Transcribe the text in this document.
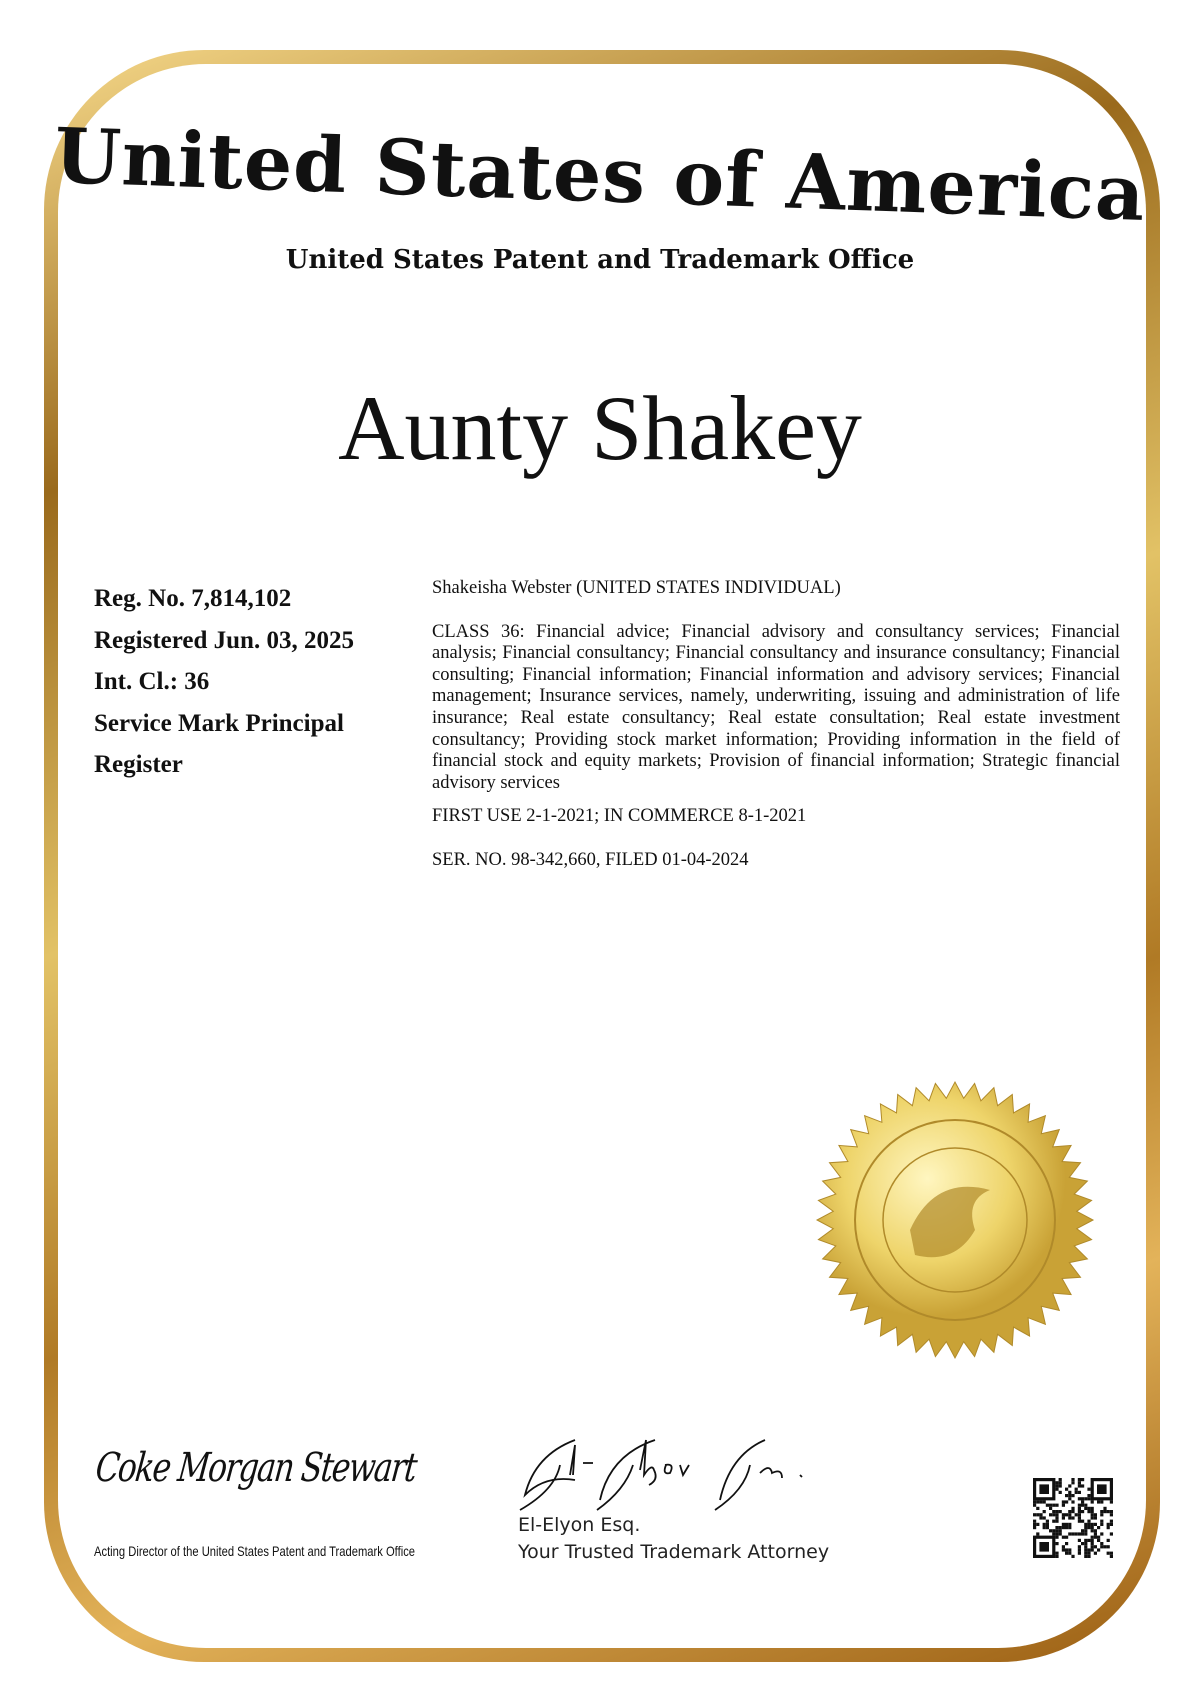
United States of America
United States Patent and Trademark Office
Aunty Shakey
Reg. No. 7,814,102
Registered Jun. 03, 2025
Int. Cl.: 36
Service Mark Principal
Register

Shakeisha Webster (UNITED STATES INDIVIDUAL)

CLASS 36: Financial advice; Financial advisory and consultancy services; Financial analysis; Financial consultancy; Financial consultancy and insurance consultancy; Financial consulting; Financial information; Financial information and advisory services; Financial management; Insurance services, namely, underwriting, issuing and administration of life insurance; Real estate consultancy; Real estate consultation; Real estate investment consultancy; Providing stock market information; Providing information in the field of financial stock and equity markets; Provision of financial information; Strategic financial advisory services

FIRST USE 2-1-2021; IN COMMERCE 8-1-2021

SER. NO. 98-342,660, FILED 01-04-2024

Coke Morgan Stewart
Acting Director of the United States Patent and Trademark Office
El-Elyon Esq.
Your Trusted Trademark Attorney
